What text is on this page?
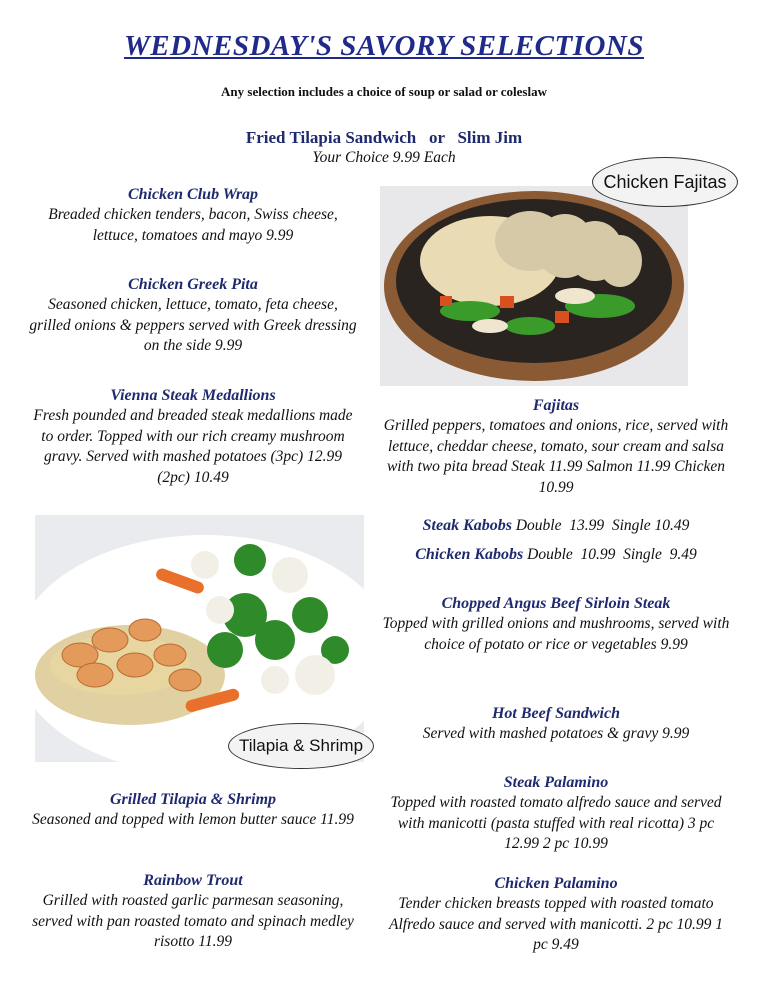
WEDNESDAY'S SAVORY SELECTIONS
Any selection includes a choice of soup or salad or coleslaw
Fried Tilapia Sandwich   or   Slim Jim
Your Choice 9.99 Each
Chicken Club Wrap
Breaded chicken tenders, bacon, Swiss cheese, lettuce, tomatoes and mayo 9.99
Chicken Greek Pita
Seasoned chicken, lettuce, tomato, feta cheese, grilled onions & peppers served with Greek dressing on the side 9.99
Vienna Steak Medallions
Fresh pounded and breaded steak medallions made to order. Topped with our rich creamy mushroom gravy. Served with mashed potatoes (3pc) 12.99 (2pc) 10.49
Tilapia & Shrimp
Grilled Tilapia & Shrimp
Seasoned and topped with lemon butter sauce 11.99
Rainbow Trout
Grilled with roasted garlic parmesan seasoning, served with pan roasted tomato and spinach medley risotto 11.99
Chicken Fajitas
Fajitas
Grilled peppers, tomatoes and onions, rice, served with lettuce, cheddar cheese, tomato, sour cream and salsa with two pita bread Steak 11.99 Salmon 11.99 Chicken 10.99
Steak Kabobs Double  13.99  Single 10.49
Chicken Kabobs Double  10.99  Single  9.49
Chopped Angus Beef Sirloin Steak
Topped with grilled onions and mushrooms, served with choice of potato or rice or vegetables 9.99
Hot Beef Sandwich
Served with mashed potatoes & gravy 9.99
Steak Palamino
Topped with roasted tomato alfredo sauce and served with manicotti (pasta stuffed with real ricotta) 3 pc 12.99 2 pc 10.99
Chicken Palamino
Tender chicken breasts topped with roasted tomato Alfredo sauce and served with manicotti. 2 pc 10.99 1 pc 9.49
